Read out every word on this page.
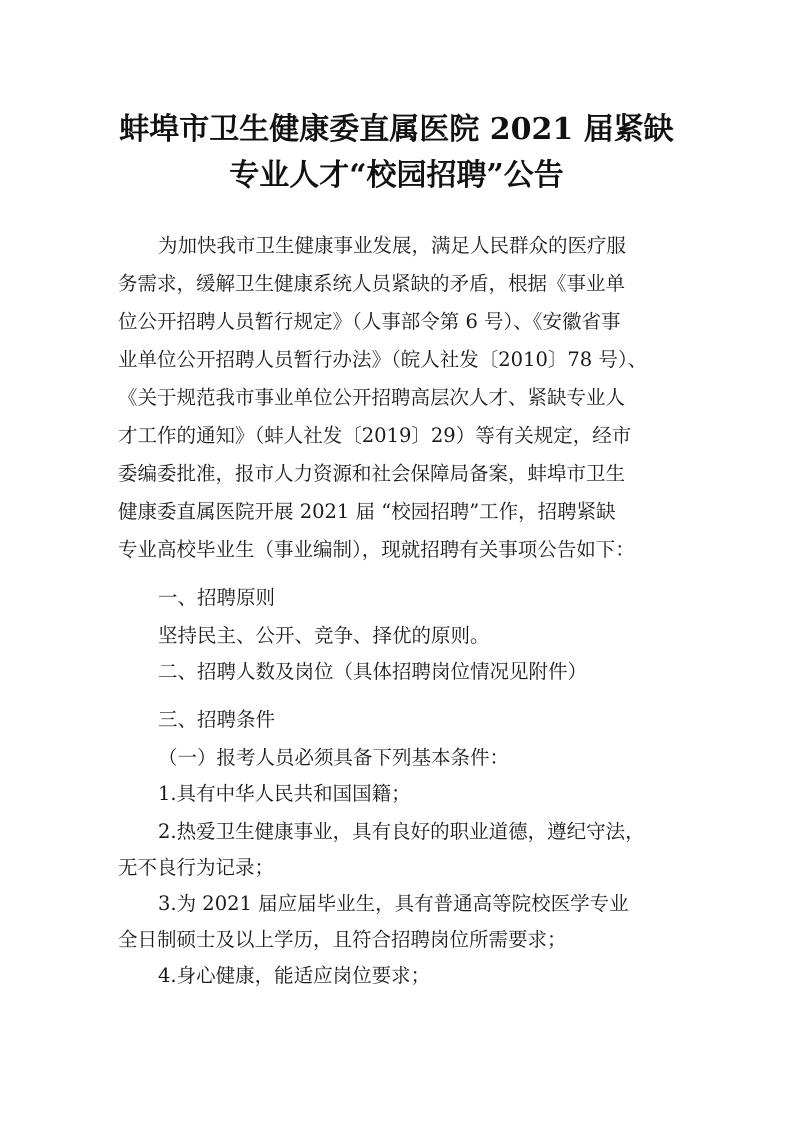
蚌埠市卫生健康委直属医院 2021 届紧缺
专业人才“校园招聘”公告
为加快我市卫生健康事业发展，满足人民群众的医疗服
务需求，缓解卫生健康系统人员紧缺的矛盾，根据《事业单
位公开招聘人员暂行规定》（人事部令第 6 号）、《安徽省事
业单位公开招聘人员暂行办法》（皖人社发〔2010〕78 号）、
《关于规范我市事业单位公开招聘高层次人才、紧缺专业人
才工作的通知》（蚌人社发〔2019〕29）等有关规定，经市
委编委批准，报市人力资源和社会保障局备案，蚌埠市卫生
健康委直属医院开展 2021 届 “校园招聘”工作，招聘紧缺
专业高校毕业生（事业编制），现就招聘有关事项公告如下：
一、招聘原则
坚持民主、公开、竞争、择优的原则。
二、招聘人数及岗位（具体招聘岗位情况见附件）
三、招聘条件
（一）报考人员必须具备下列基本条件：
1.具有中华人民共和国国籍；
2.热爱卫生健康事业，具有良好的职业道德，遵纪守法，
无不良行为记录；
3.为 2021 届应届毕业生，具有普通高等院校医学专业
全日制硕士及以上学历，且符合招聘岗位所需要求；
4.身心健康，能适应岗位要求；
